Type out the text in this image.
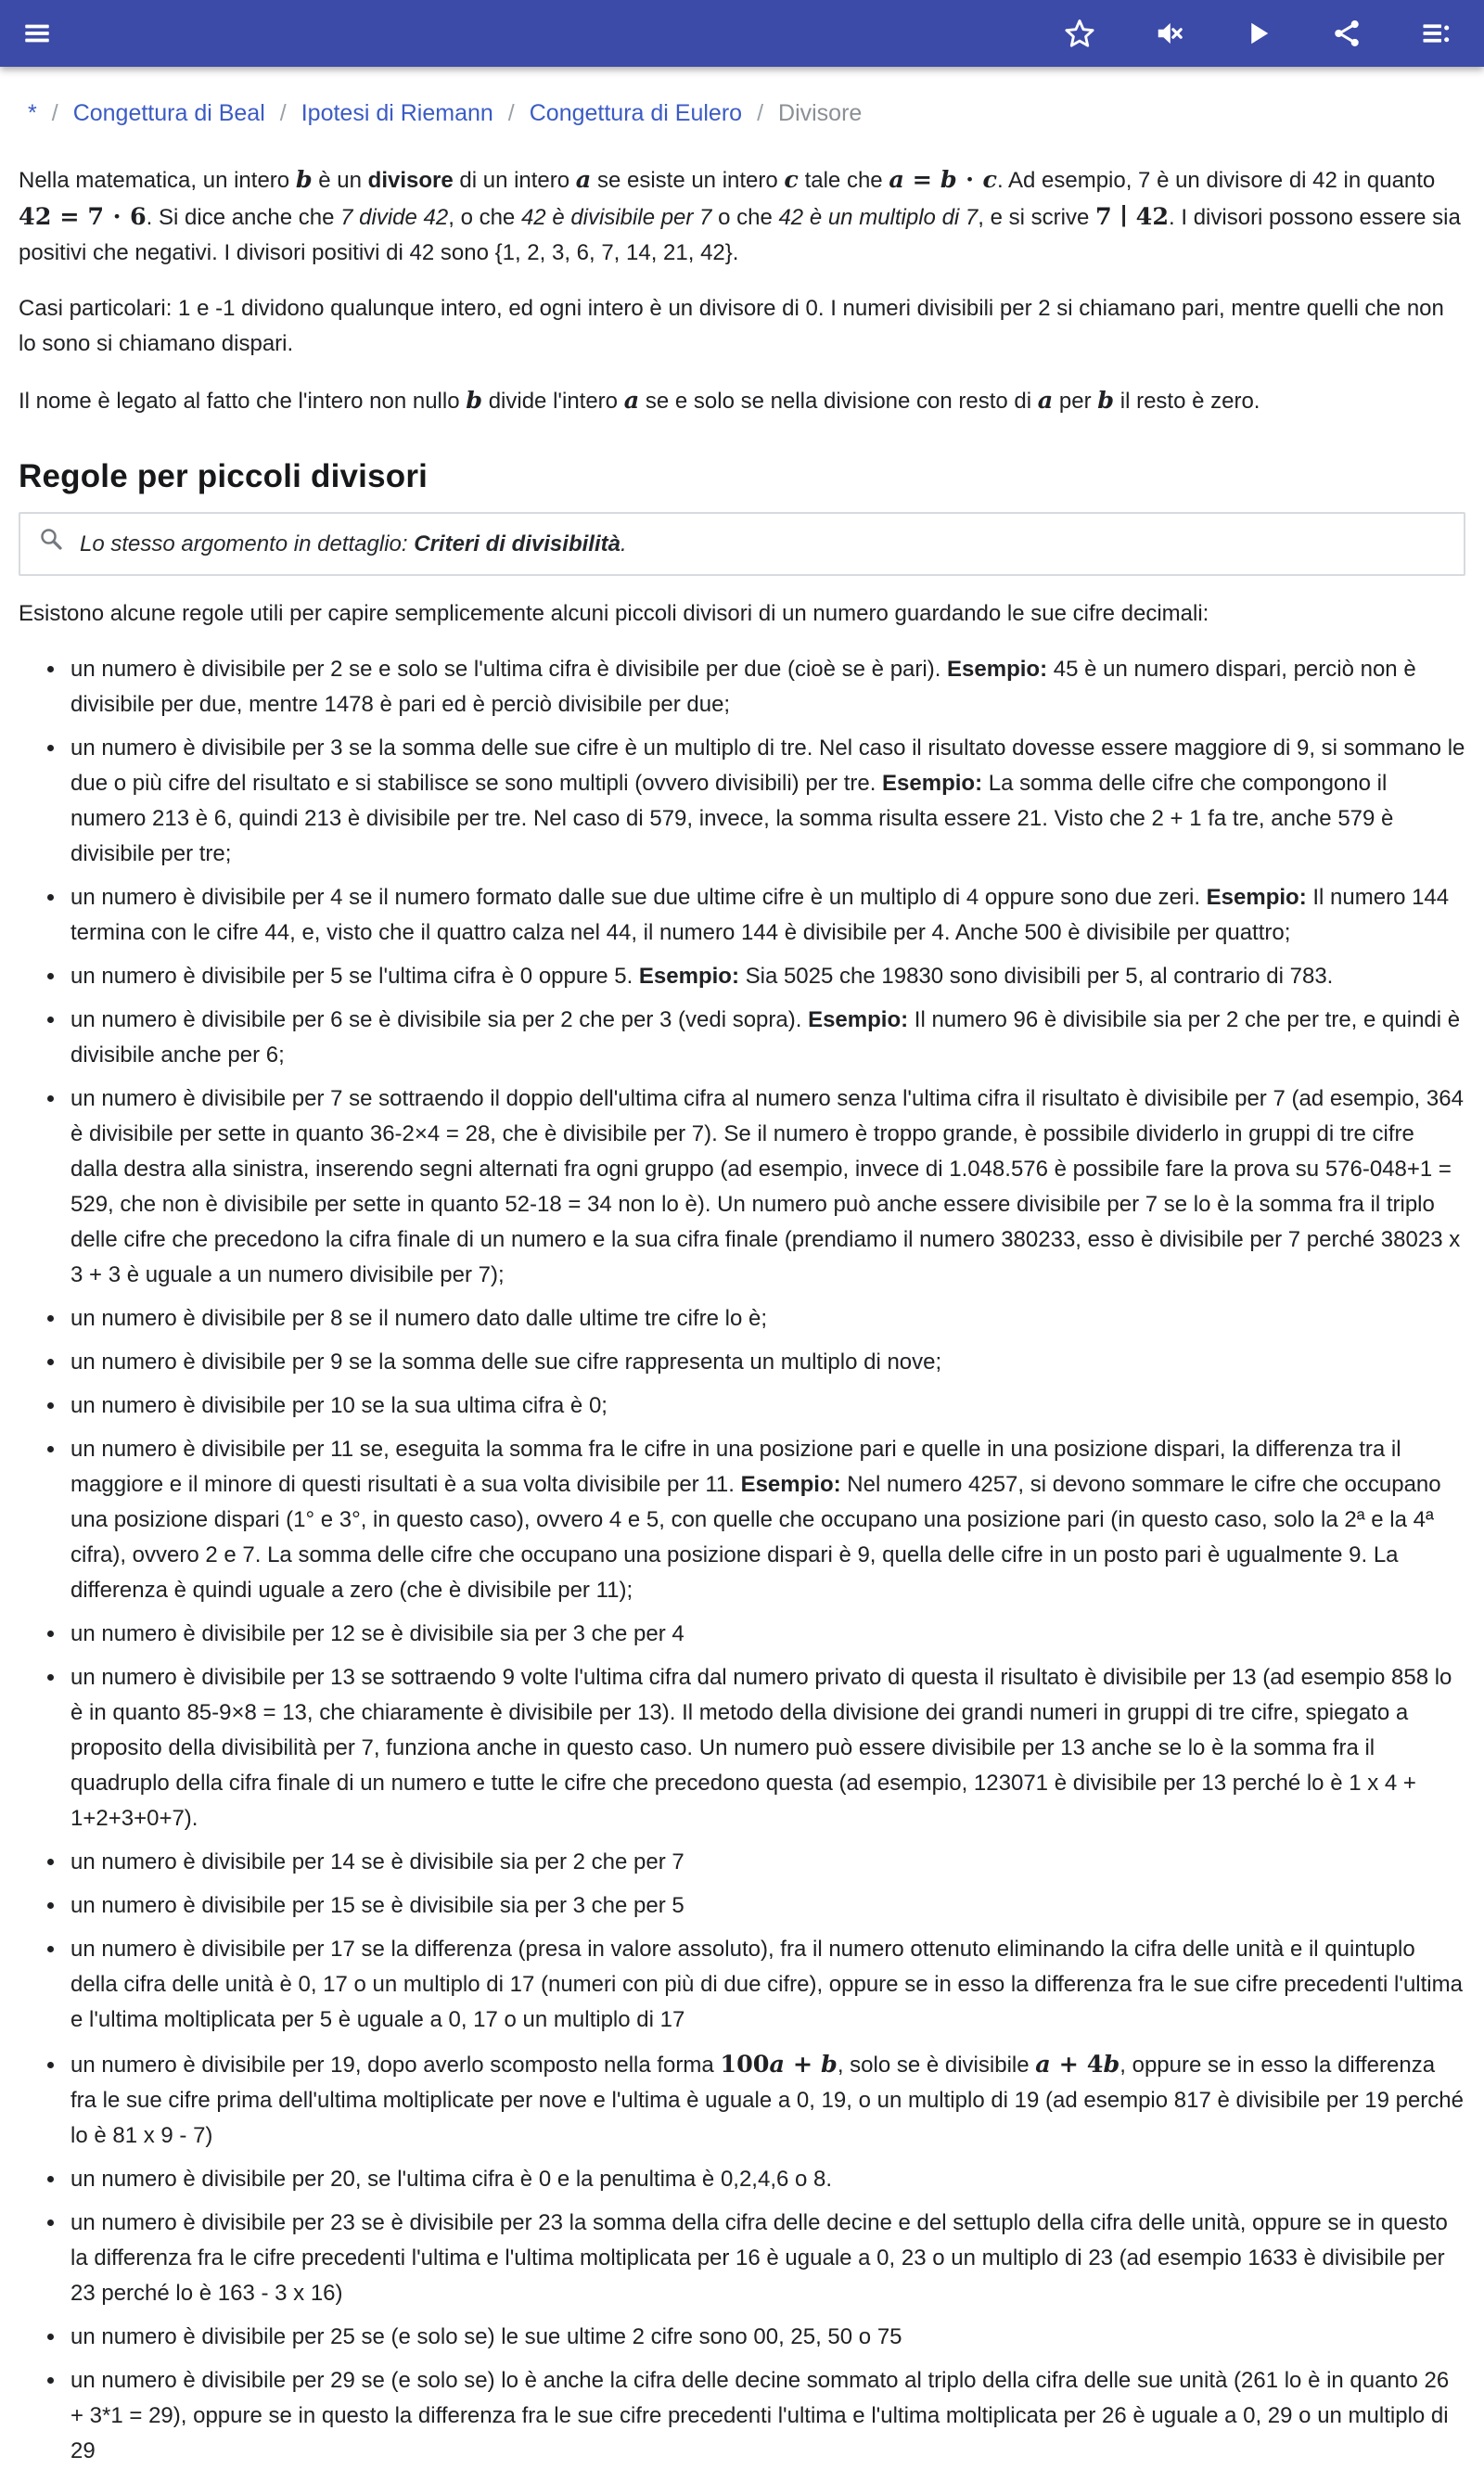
* / Congettura di Beal / Ipotesi di Riemann / Congettura di Eulero / Divisore

Nella matematica, un intero b è un divisore di un intero a se esiste un intero c tale che a = b ⋅ c. Ad esempio, 7 è un divisore di 42 in quanto 42 = 7 ⋅ 6. Si dice anche che 7 divide 42, o che 42 è divisibile per 7 o che 42 è un multiplo di 7, e si scrive 7 ∣ 42. I divisori possono essere sia positivi che negativi. I divisori positivi di 42 sono {1, 2, 3, 6, 7, 14, 21, 42}.

Casi particolari: 1 e -1 dividono qualunque intero, ed ogni intero è un divisore di 0. I numeri divisibili per 2 si chiamano pari, mentre quelli che non lo sono si chiamano dispari.

Il nome è legato al fatto che l'intero non nullo b divide l'intero a se e solo se nella divisione con resto di a per b il resto è zero.

Regole per piccoli divisori
Lo stesso argomento in dettaglio: Criteri di divisibilità.

Esistono alcune regole utili per capire semplicemente alcuni piccoli divisori di un numero guardando le sue cifre decimali:

• un numero è divisibile per 2 se e solo se l'ultima cifra è divisibile per due (cioè se è pari). Esempio: 45 è un numero dispari, perciò non è divisibile per due, mentre 1478 è pari ed è perciò divisibile per due;
• un numero è divisibile per 3 se la somma delle sue cifre è un multiplo di tre. Nel caso il risultato dovesse essere maggiore di 9, si sommano le due o più cifre del risultato e si stabilisce se sono multipli (ovvero divisibili) per tre. Esempio: La somma delle cifre che compongono il numero 213 è 6, quindi 213 è divisibile per tre. Nel caso di 579, invece, la somma risulta essere 21. Visto che 2 + 1 fa tre, anche 579 è divisibile per tre;
• un numero è divisibile per 4 se il numero formato dalle sue due ultime cifre è un multiplo di 4 oppure sono due zeri. Esempio: Il numero 144 termina con le cifre 44, e, visto che il quattro calza nel 44, il numero 144 è divisibile per 4. Anche 500 è divisibile per quattro;
• un numero è divisibile per 5 se l'ultima cifra è 0 oppure 5. Esempio: Sia 5025 che 19830 sono divisibili per 5, al contrario di 783.
• un numero è divisibile per 6 se è divisibile sia per 2 che per 3 (vedi sopra). Esempio: Il numero 96 è divisibile sia per 2 che per tre, e quindi è divisibile anche per 6;
• un numero è divisibile per 7 se sottraendo il doppio dell'ultima cifra al numero senza l'ultima cifra il risultato è divisibile per 7 (ad esempio, 364 è divisibile per sette in quanto 36-2×4 = 28, che è divisibile per 7). Se il numero è troppo grande, è possibile dividerlo in gruppi di tre cifre dalla destra alla sinistra, inserendo segni alternati fra ogni gruppo (ad esempio, invece di 1.048.576 è possibile fare la prova su 576-048+1 = 529, che non è divisibile per sette in quanto 52-18 = 34 non lo è). Un numero può anche essere divisibile per 7 se lo è la somma fra il triplo delle cifre che precedono la cifra finale di un numero e la sua cifra finale (prendiamo il numero 380233, esso è divisibile per 7 perché 38023 x 3 + 3 è uguale a un numero divisibile per 7);
• un numero è divisibile per 8 se il numero dato dalle ultime tre cifre lo è;
• un numero è divisibile per 9 se la somma delle sue cifre rappresenta un multiplo di nove;
• un numero è divisibile per 10 se la sua ultima cifra è 0;
• un numero è divisibile per 11 se, eseguita la somma fra le cifre in una posizione pari e quelle in una posizione dispari, la differenza tra il maggiore e il minore di questi risultati è a sua volta divisibile per 11. Esempio: Nel numero 4257, si devono sommare le cifre che occupano una posizione dispari (1° e 3°, in questo caso), ovvero 4 e 5, con quelle che occupano una posizione pari (in questo caso, solo la 2ª e la 4ª cifra), ovvero 2 e 7. La somma delle cifre che occupano una posizione dispari è 9, quella delle cifre in un posto pari è ugualmente 9. La differenza è quindi uguale a zero (che è divisibile per 11);
• un numero è divisibile per 12 se è divisibile sia per 3 che per 4
• un numero è divisibile per 13 se sottraendo 9 volte l'ultima cifra dal numero privato di questa il risultato è divisibile per 13 (ad esempio 858 lo è in quanto 85-9×8 = 13, che chiaramente è divisibile per 13). Il metodo della divisione dei grandi numeri in gruppi di tre cifre, spiegato a proposito della divisibilità per 7, funziona anche in questo caso. Un numero può essere divisibile per 13 anche se lo è la somma fra il quadruplo della cifra finale di un numero e tutte le cifre che precedono questa (ad esempio, 123071 è divisibile per 13 perché lo è 1 x 4 + 1+2+3+0+7).
• un numero è divisibile per 14 se è divisibile sia per 2 che per 7
• un numero è divisibile per 15 se è divisibile sia per 3 che per 5
• un numero è divisibile per 17 se la differenza (presa in valore assoluto), fra il numero ottenuto eliminando la cifra delle unità e il quintuplo della cifra delle unità è 0, 17 o un multiplo di 17 (numeri con più di due cifre), oppure se in esso la differenza fra le sue cifre precedenti l'ultima e l'ultima moltiplicata per 5 è uguale a 0, 17 o un multiplo di 17
• un numero è divisibile per 19, dopo averlo scomposto nella forma 100a + b, solo se è divisibile a + 4b, oppure se in esso la differenza fra le sue cifre prima dell'ultima moltiplicate per nove e l'ultima è uguale a 0, 19, o un multiplo di 19 (ad esempio 817 è divisibile per 19 perché lo è 81 x 9 - 7)
• un numero è divisibile per 20, se l'ultima cifra è 0 e la penultima è 0,2,4,6 o 8.
• un numero è divisibile per 23 se è divisibile per 23 la somma della cifra delle decine e del settuplo della cifra delle unità, oppure se in questo la differenza fra le cifre precedenti l'ultima e l'ultima moltiplicata per 16 è uguale a 0, 23 o un multiplo di 23 (ad esempio 1633 è divisibile per 23 perché lo è 163 - 3 x 16)
• un numero è divisibile per 25 se (e solo se) le sue ultime 2 cifre sono 00, 25, 50 o 75
• un numero è divisibile per 29 se (e solo se) lo è anche la cifra delle decine sommato al triplo della cifra delle sue unità (261 lo è in quanto 26 + 3*1 = 29), oppure se in questo la differenza fra le sue cifre precedenti l'ultima e l'ultima moltiplicata per 26 è uguale a 0, 29 o un multiplo di 29
